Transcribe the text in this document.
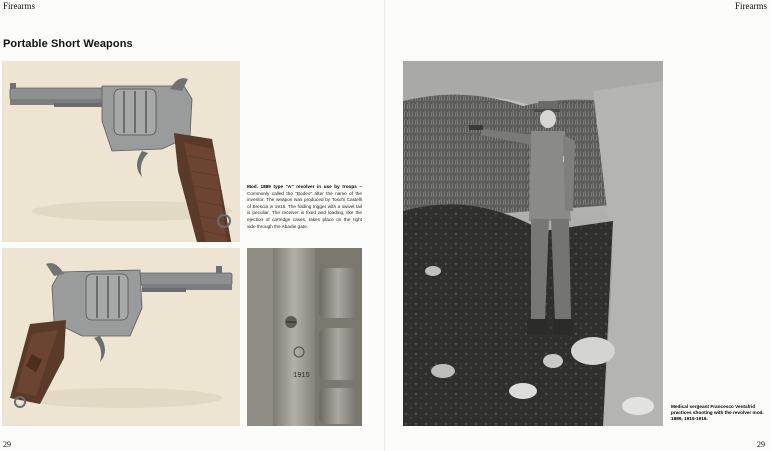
Firearms
Portable Short Weapons
Mod. 1889 type “A” revolver in use by troops – Commonly called the “Bodeo” after the name of the inventor. The weapon was produced by Toschi Castelli of Brescia in 1915. The folding trigger with a swivel tail is peculiar. The receiver is fixed and loading, like the ejection of cartridge cases, takes place on the right side through the Abadie gate.
1915
29
Firearms
29
Medical sergeant Francesco Ventafrid practices shooting with the revolver mod. 1889, 1915-1916.
